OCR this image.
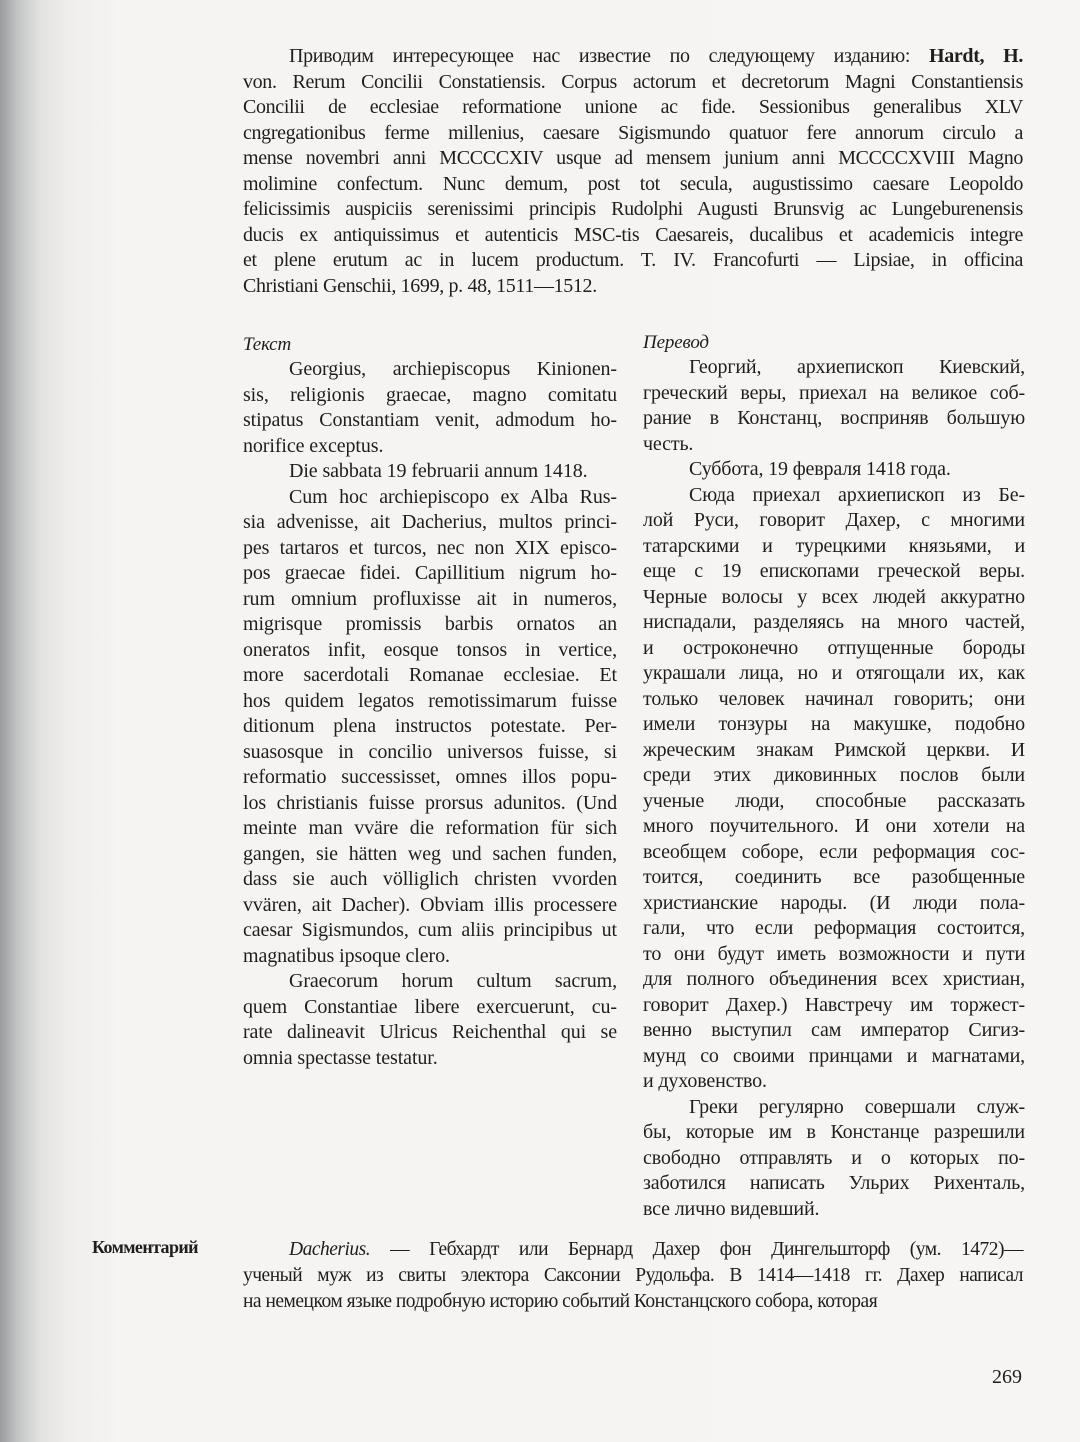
Приводим интересующее нас известие по следующему изданию: Hardt, H.
von. Rerum Concilii Constatiensis. Corpus actorum et decretorum Magni Constantiensis
Concilii de ecclesiae reformatione unione ac fide. Sessionibus generalibus XLV
cngregationibus ferme millenius, caesare Sigismundo quatuor fere annorum circulo a
mense novembri anni MCCCCXIV usque ad mensem junium anni MCCCCXVIII Magno
molimine confectum. Nunc demum, post tot secula, augustissimo caesare Leopoldo
felicissimis auspiciis serenissimi principis Rudolphi Augusti Brunsvig ac Lungeburenensis
ducis ex antiquissimus et autenticis MSC-tis Caesareis, ducalibus et academicis integre
et plene erutum ac in lucem productum. T. IV. Francofurti — Lipsiae, in officina
Christiani Genschii, 1699, p. 48, 1511—1512.
Текст
Georgius, archiepiscopus Kinionen-
sis, religionis graecae, magno comitatu
stipatus Constantiam venit, admodum ho-
norifice exceptus.
Die sabbata 19 februarii annum 1418.
Cum hoc archiepiscopo ex Alba Rus-
sia advenisse, ait Dacherius, multos princi-
pes tartaros et turcos, nec non XIX episco-
pos graecae fidei. Capillitium nigrum ho-
rum omnium profluxisse ait in numeros,
migrisque promissis barbis ornatos an
oneratos infit, eosque tonsos in vertice,
more sacerdotali Romanae ecclesiae. Et
hos quidem legatos remotissimarum fuisse
ditionum plena instructos potestate. Per-
suasosque in concilio universos fuisse, si
reformatio successisset, omnes illos popu-
los christianis fuisse prorsus adunitos. (Und
meinte man vväre die reformation für sich
gangen, sie hätten weg und sachen funden,
dass sie auch völliglich christen vvorden
vvären, ait Dacher). Obviam illis processere
caesar Sigismundos, cum aliis principibus ut
magnatibus ipsoque clero.
Graecorum horum cultum sacrum,
quem Constantiae libere exercuerunt, cu-
rate dalineavit Ulricus Reichenthal qui se
omnia spectasse testatur.
Перевод
Георгий, архиепископ Киевский,
греческий веры, приехал на великое соб-
рание в Констанц, восприняв большую
честь.
Суббота, 19 февраля 1418 года.
Сюда приехал архиепископ из Бе-
лой Руси, говорит Дахер, с многими
татарскими и турецкими князьями, и
еще с 19 епископами греческой веры.
Черные волосы у всех людей аккуратно
ниспадали, разделяясь на много частей,
и остроконечно отпущенные бороды
украшали лица, но и отягощали их, как
только человек начинал говорить; они
имели тонзуры на макушке, подобно
жреческим знакам Римской церкви. И
среди этих диковинных послов были
ученые люди, способные рассказать
много поучительного. И они хотели на
всеобщем соборе, если реформация сос-
тоится, соединить все разобщенные
христианские народы. (И люди пола-
гали, что если реформация состоится,
то они будут иметь возможности и пути
для полного объединения всех христиан,
говорит Дахер.) Навстречу им торжест-
венно выступил сам император Сигиз-
мунд со своими принцами и магнатами,
и духовенство.
Греки регулярно совершали служ-
бы, которые им в Констанце разрешили
свободно отправлять и о которых по-
заботился написать Ульрих Рихенталь,
все лично видевший.
Комментарий	Dacherius. — Гебхардт или Бернард Дахер фон Дингельшторф (ум. 1472)—
ученый муж из свиты электора Саксонии Рудольфа. В 1414—1418 гг. Дахер написал
на немецком языке подробную историю событий Констанцского собора, которая
269
